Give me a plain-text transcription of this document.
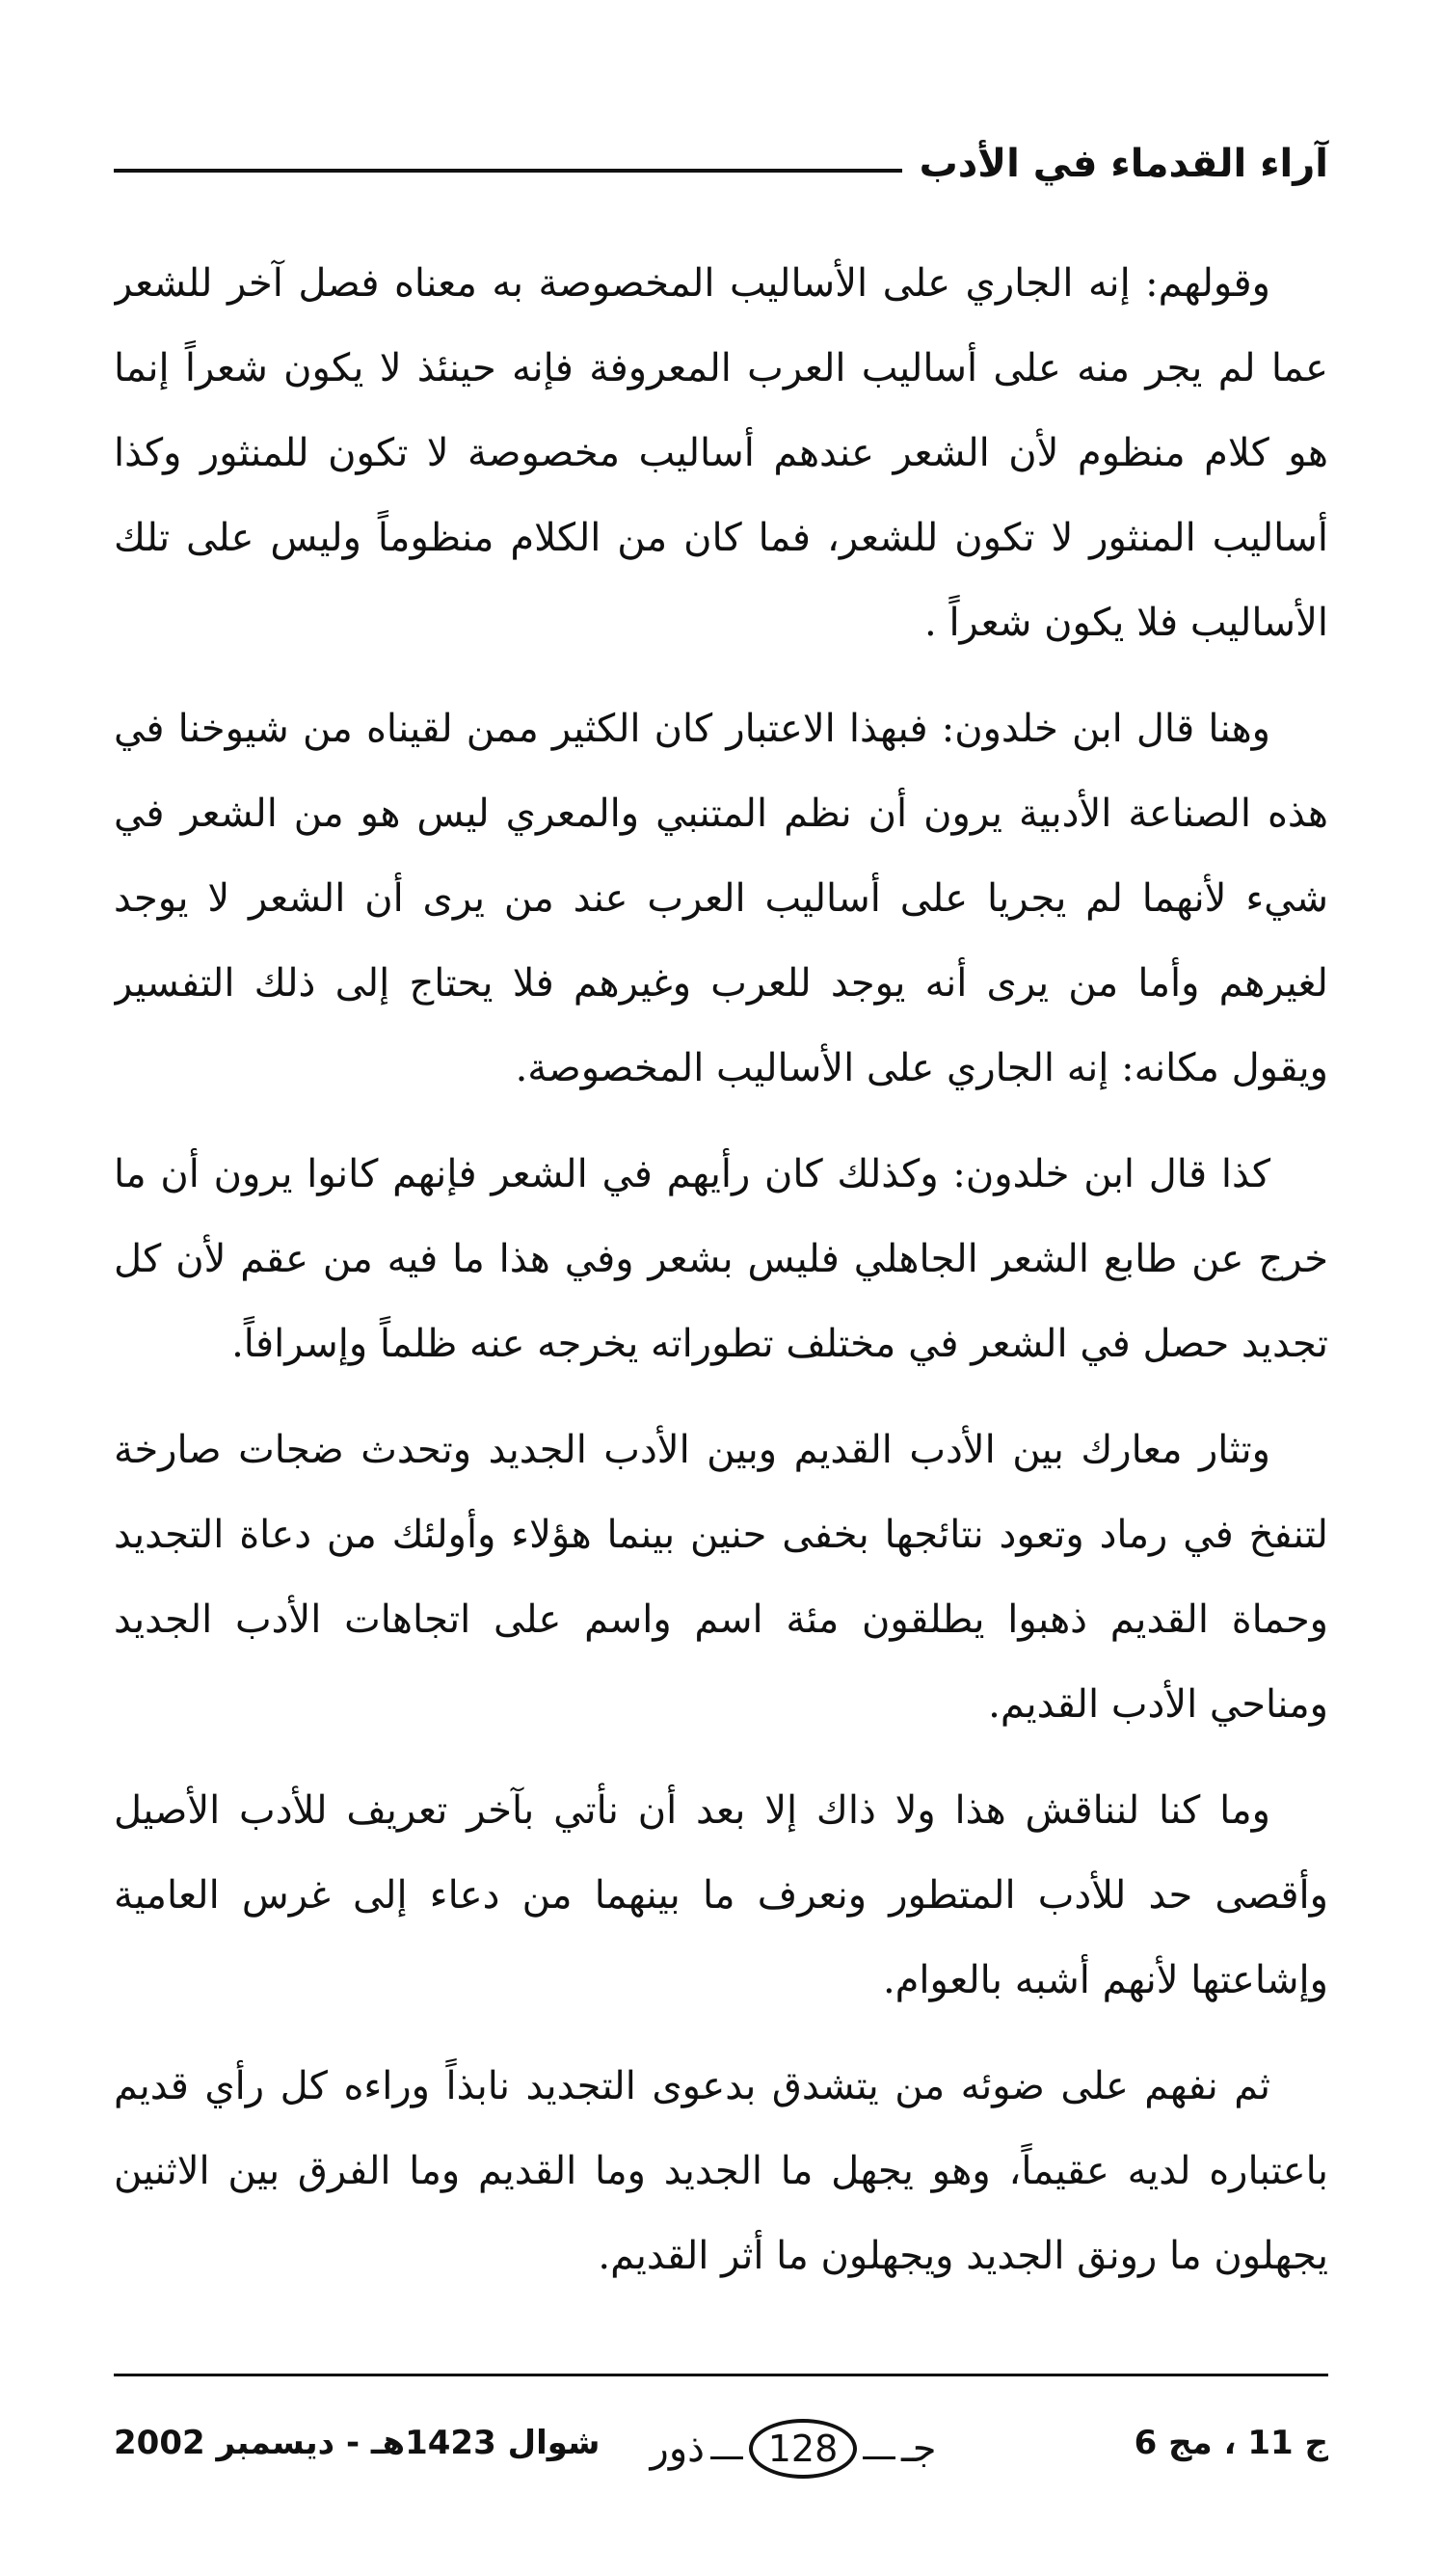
آراء القدماء في الأدب

وقولهم: إنه الجاري على الأساليب المخصوصة به معناه فصل آخر للشعر عما لم يجر منه على أساليب العرب المعروفة فإنه حينئذ لا يكون شعراً إنما هو كلام منظوم لأن الشعر عندهم أساليب مخصوصة لا تكون للمنثور وكذا أساليب المنثور لا تكون للشعر، فما كان من الكلام منظوماً وليس على تلك الأساليب فلا يكون شعراً .

وهنا قال ابن خلدون: فبهذا الاعتبار كان الكثير ممن لقيناه من شيوخنا في هذه الصناعة الأدبية يرون أن نظم المتنبي والمعري ليس هو من الشعر في شيء لأنهما لم يجريا على أساليب العرب عند من يرى أن الشعر لا يوجد لغيرهم وأما من يرى أنه يوجد للعرب وغيرهم فلا يحتاج إلى ذلك التفسير ويقول مكانه: إنه الجاري على الأساليب المخصوصة.

كذا قال ابن خلدون: وكذلك كان رأيهم في الشعر فإنهم كانوا يرون أن ما خرج عن طابع الشعر الجاهلي فليس بشعر وفي هذا ما فيه من عقم لأن كل تجديد حصل في الشعر في مختلف تطوراته يخرجه عنه ظلماً وإسرافاً.

وتثار معارك بين الأدب القديم وبين الأدب الجديد وتحدث ضجات صارخة لتنفخ في رماد وتعود نتائجها بخفى حنين بينما هؤلاء وأولئك من دعاة التجديد وحماة القديم ذهبوا يطلقون مئة اسم واسم على اتجاهات الأدب الجديد ومناحي الأدب القديم.

وما كنا لنناقش هذا ولا ذاك إلا بعد أن نأتي بآخر تعريف للأدب الأصيل وأقصى حد للأدب المتطور ونعرف ما بينهما من دعاء إلى غرس العامية وإشاعتها لأنهم أشبه بالعوام.

ثم نفهم على ضوئه من يتشدق بدعوى التجديد نابذاً وراءه كل رأي قديم باعتباره لديه عقيماً، وهو يجهل ما الجديد وما القديم وما الفرق بين الاثنين يجهلون ما رونق الجديد ويجهلون ما أثر القديم.

ج 11 ، مج 6
جـ
128
ذور
شوال 1423هـ - ديسمبر 2002
